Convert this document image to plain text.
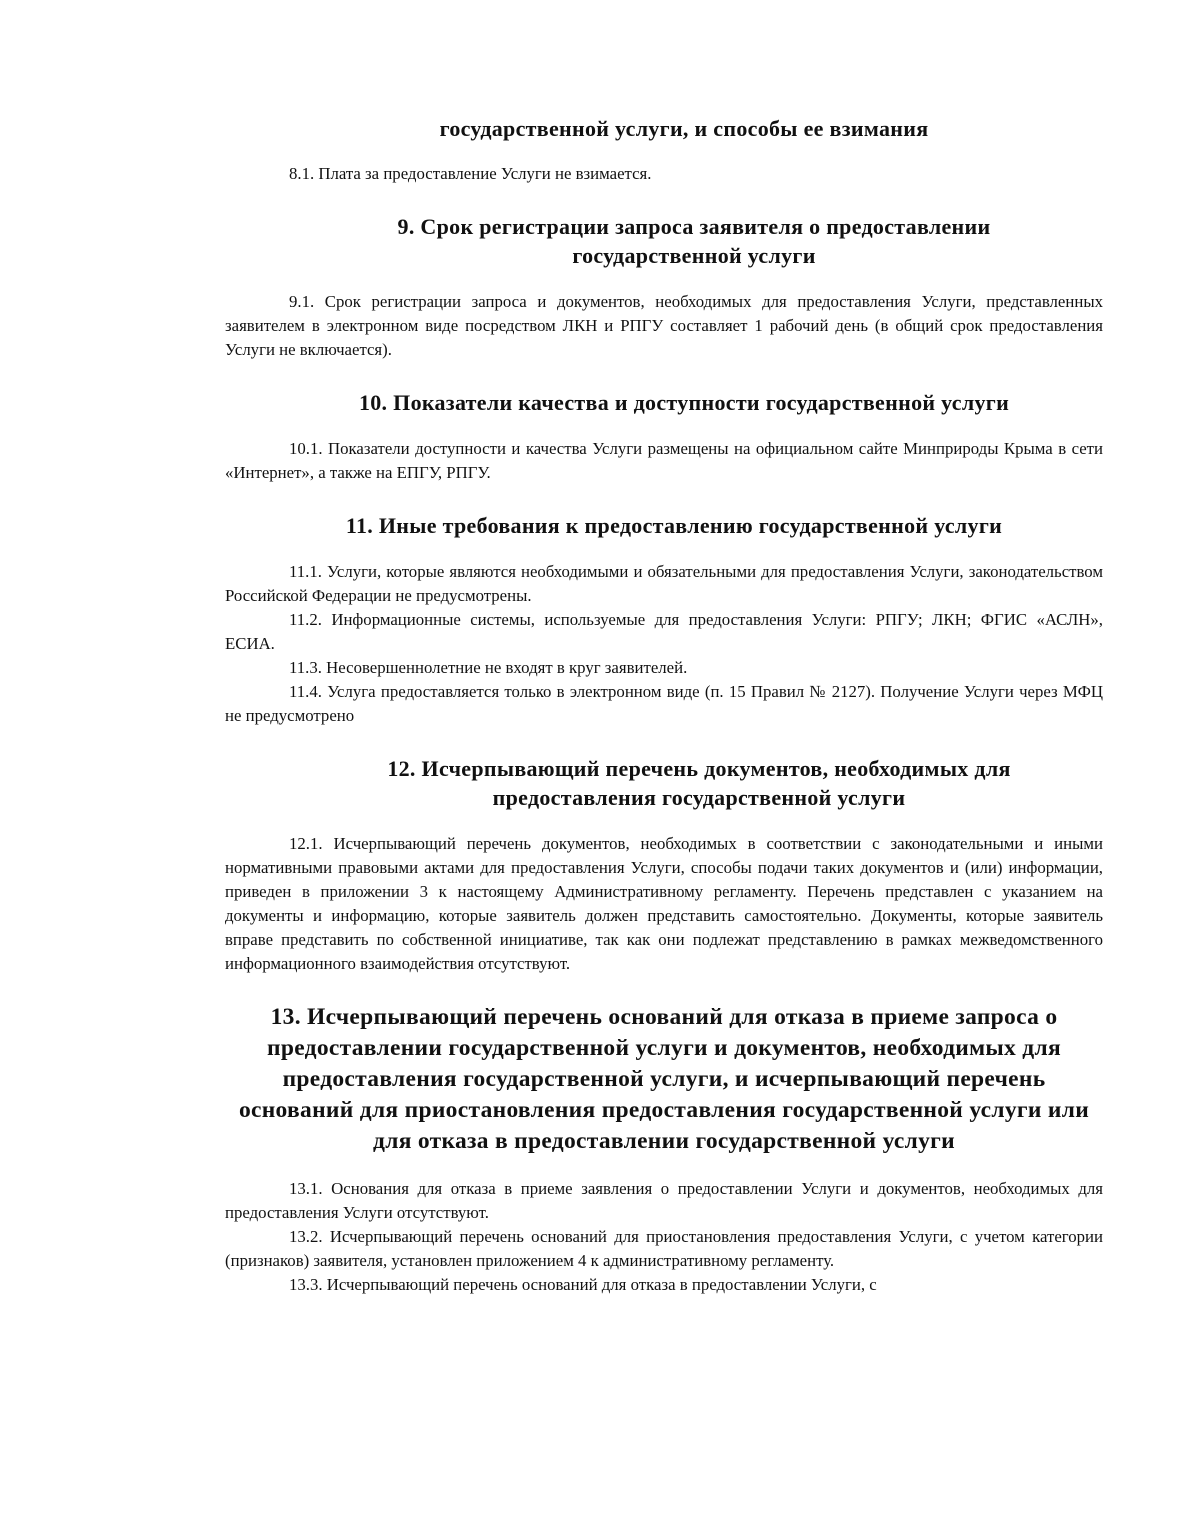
государственной услуги, и способы ее взимания

8.1. Плата за предоставление Услуги не взимается.

9. Срок регистрации запроса заявителя о предоставлении государственной услуги

9.1. Срок регистрации запроса и документов, необходимых для предоставления Услуги, представленных заявителем в электронном виде посредством ЛКН и РПГУ составляет 1 рабочий день (в общий срок предоставления Услуги не включается).

10. Показатели качества и доступности государственной услуги

10.1. Показатели доступности и качества Услуги размещены на официальном сайте Минприроды Крыма в сети «Интернет», а также на ЕПГУ, РПГУ.

11. Иные требования к предоставлению государственной услуги

11.1. Услуги, которые являются необходимыми и обязательными для предоставления Услуги, законодательством Российской Федерации не предусмотрены.

11.2. Информационные системы, используемые для предоставления Услуги: РПГУ; ЛКН; ФГИС «АСЛН», ЕСИА.

11.3. Несовершеннолетние не входят в круг заявителей.

11.4. Услуга предоставляется только в электронном виде (п. 15 Правил № 2127). Получение Услуги через МФЦ не предусмотрено

12. Исчерпывающий перечень документов, необходимых для предоставления государственной услуги

12.1. Исчерпывающий перечень документов, необходимых в соответствии с законодательными и иными нормативными правовыми актами для предоставления Услуги, способы подачи таких документов и (или) информации, приведен в приложении 3 к настоящему Административному регламенту. Перечень представлен с указанием на документы и информацию, которые заявитель должен представить самостоятельно. Документы, которые заявитель вправе представить по собственной инициативе, так как они подлежат представлению в рамках межведомственного информационного взаимодействия отсутствуют.

13. Исчерпывающий перечень оснований для отказа в приеме запроса о предоставлении государственной услуги и документов, необходимых для предоставления государственной услуги, и исчерпывающий перечень оснований для приостановления предоставления государственной услуги или для отказа в предоставлении государственной услуги

13.1. Основания для отказа в приеме заявления о предоставлении Услуги и документов, необходимых для предоставления Услуги отсутствуют.

13.2. Исчерпывающий перечень оснований для приостановления предоставления Услуги, с учетом категории (признаков) заявителя, установлен приложением 4 к административному регламенту.

13.3. Исчерпывающий перечень оснований для отказа в предоставлении Услуги, с
